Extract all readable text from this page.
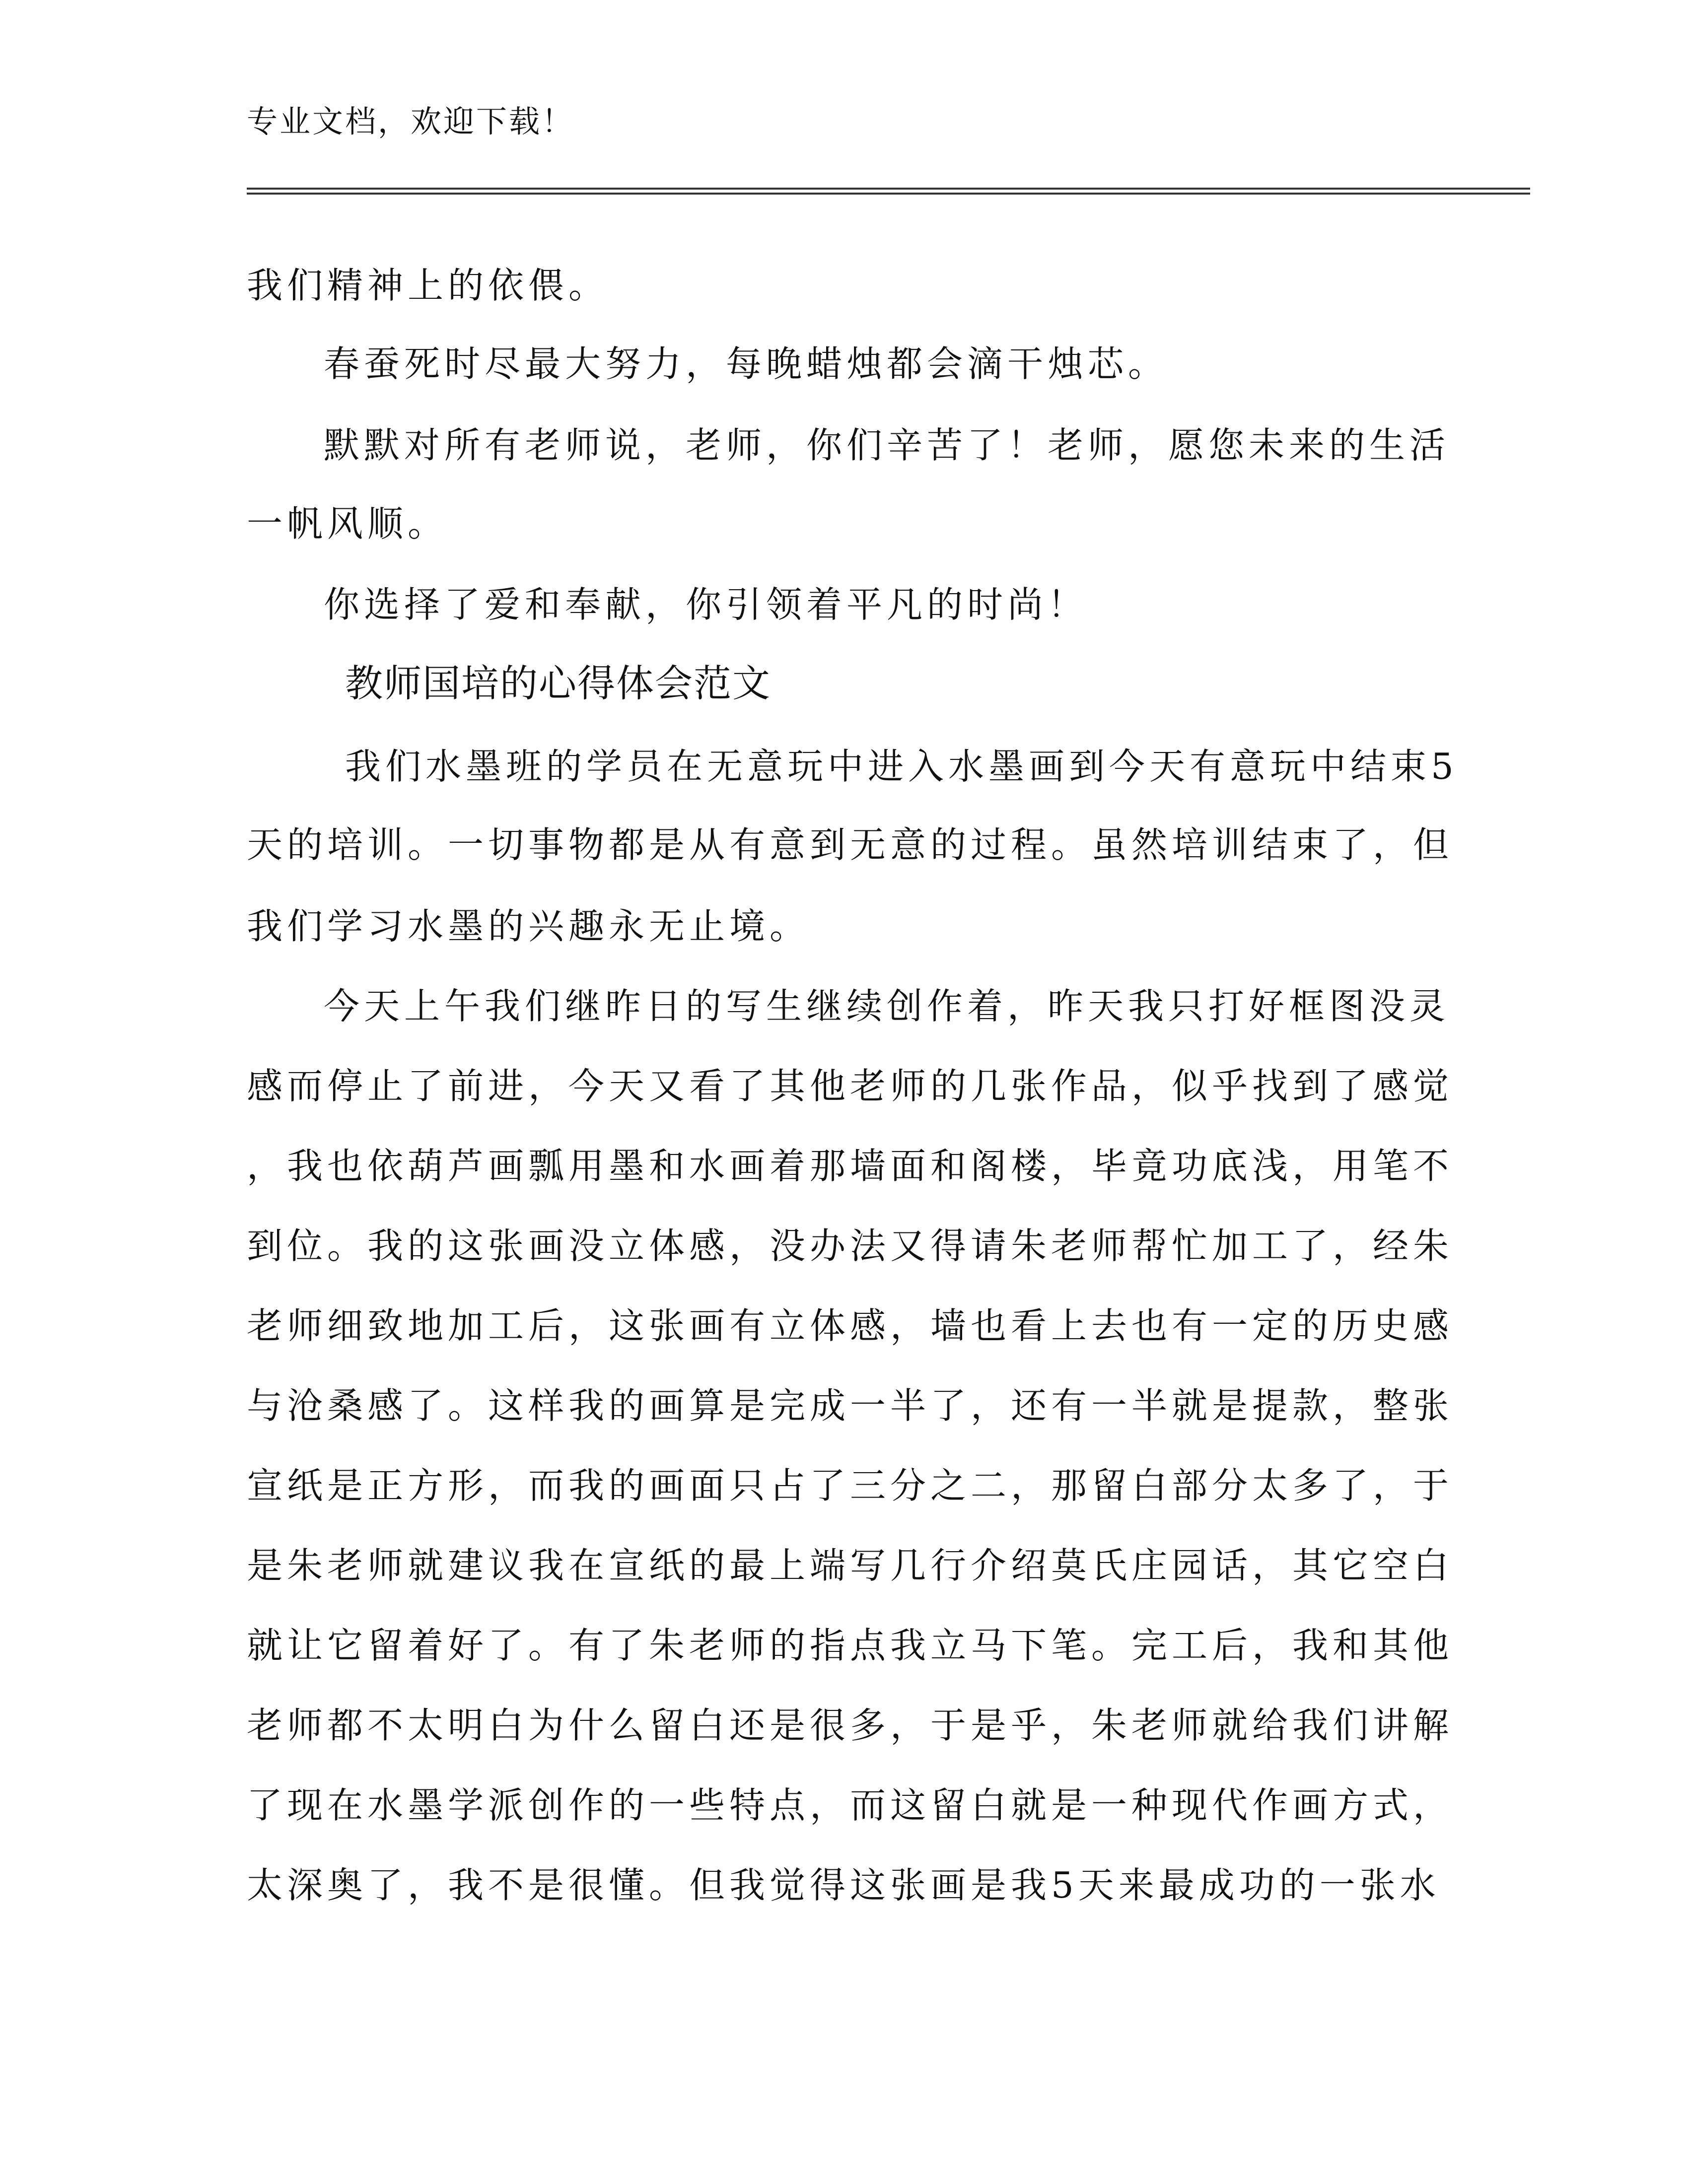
专业文档，欢迎下载！
我们精神上的依偎。
春蚕死时尽最大努力，每晚蜡烛都会滴干烛芯。
默默对所有老师说，老师，你们辛苦了！老师，愿您未来的生活
一帆风顺。
你选择了爱和奉献，你引领着平凡的时尚！
教师国培的心得体会范文
我们水墨班的学员在无意玩中进入水墨画到今天有意玩中结束5
天的培训。一切事物都是从有意到无意的过程。虽然培训结束了，但
我们学习水墨的兴趣永无止境。
今天上午我们继昨日的写生继续创作着，昨天我只打好框图没灵
感而停止了前进，今天又看了其他老师的几张作品，似乎找到了感觉
，我也依葫芦画瓢用墨和水画着那墙面和阁楼，毕竟功底浅，用笔不
到位。我的这张画没立体感，没办法又得请朱老师帮忙加工了，经朱
老师细致地加工后，这张画有立体感，墙也看上去也有一定的历史感
与沧桑感了。这样我的画算是完成一半了，还有一半就是提款，整张
宣纸是正方形，而我的画面只占了三分之二，那留白部分太多了，于
是朱老师就建议我在宣纸的最上端写几行介绍莫氏庄园话，其它空白
就让它留着好了。有了朱老师的指点我立马下笔。完工后，我和其他
老师都不太明白为什么留白还是很多，于是乎，朱老师就给我们讲解
了现在水墨学派创作的一些特点，而这留白就是一种现代作画方式，
太深奥了，我不是很懂。但我觉得这张画是我5天来最成功的一张水
